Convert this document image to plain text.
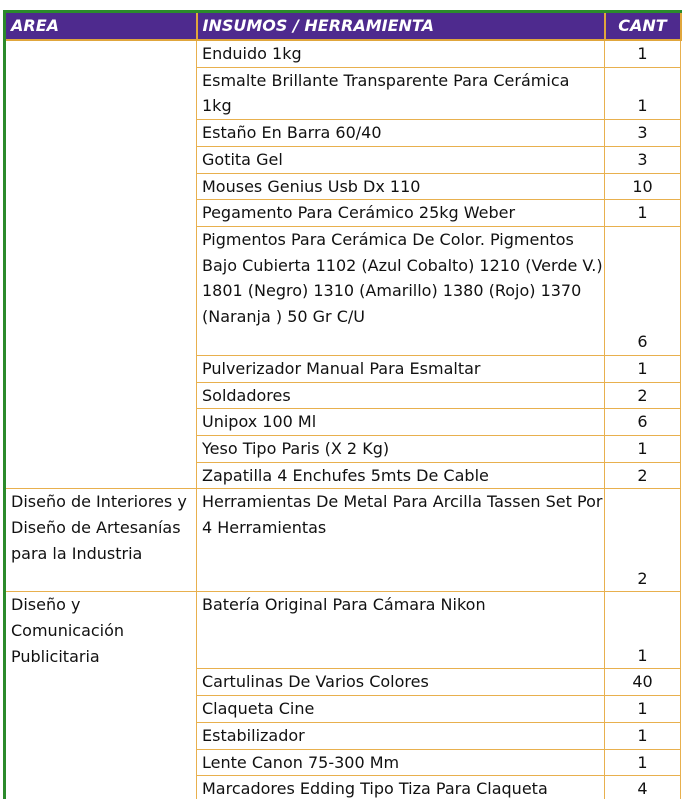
AREA	INSUMOS / HERRAMIENTA	CANT
	Enduido 1kg	1
	Esmalte Brillante Transparente Para Cerámica 1kg	1
	Estaño En Barra 60/40	3
	Gotita Gel	3
	Mouses Genius Usb Dx 110	10
	Pegamento Para Cerámico 25kg Weber	1
	Pigmentos Para Cerámica De Color. Pigmentos Bajo Cubierta 1102 (Azul Cobalto) 1210 (Verde V.) 1801 (Negro) 1310 (Amarillo) 1380 (Rojo) 1370 (Naranja ) 50 Gr C/U	6
	Pulverizador Manual Para Esmaltar	1
	Soldadores	2
	Unipox 100 Ml	6
	Yeso Tipo Paris (X 2 Kg)	1
	Zapatilla 4 Enchufes 5mts De Cable	2
Diseño de Interiores y Diseño de Artesanías para la Industria	Herramientas De Metal Para Arcilla Tassen Set Por 4 Herramientas	2
Diseño y Comunicación Publicitaria	Batería Original Para Cámara Nikon	1
	Cartulinas De Varios Colores	40
	Claqueta Cine	1
	Estabilizador	1
	Lente Canon 75-300 Mm	1
	Marcadores Edding Tipo Tiza Para Claqueta	4
